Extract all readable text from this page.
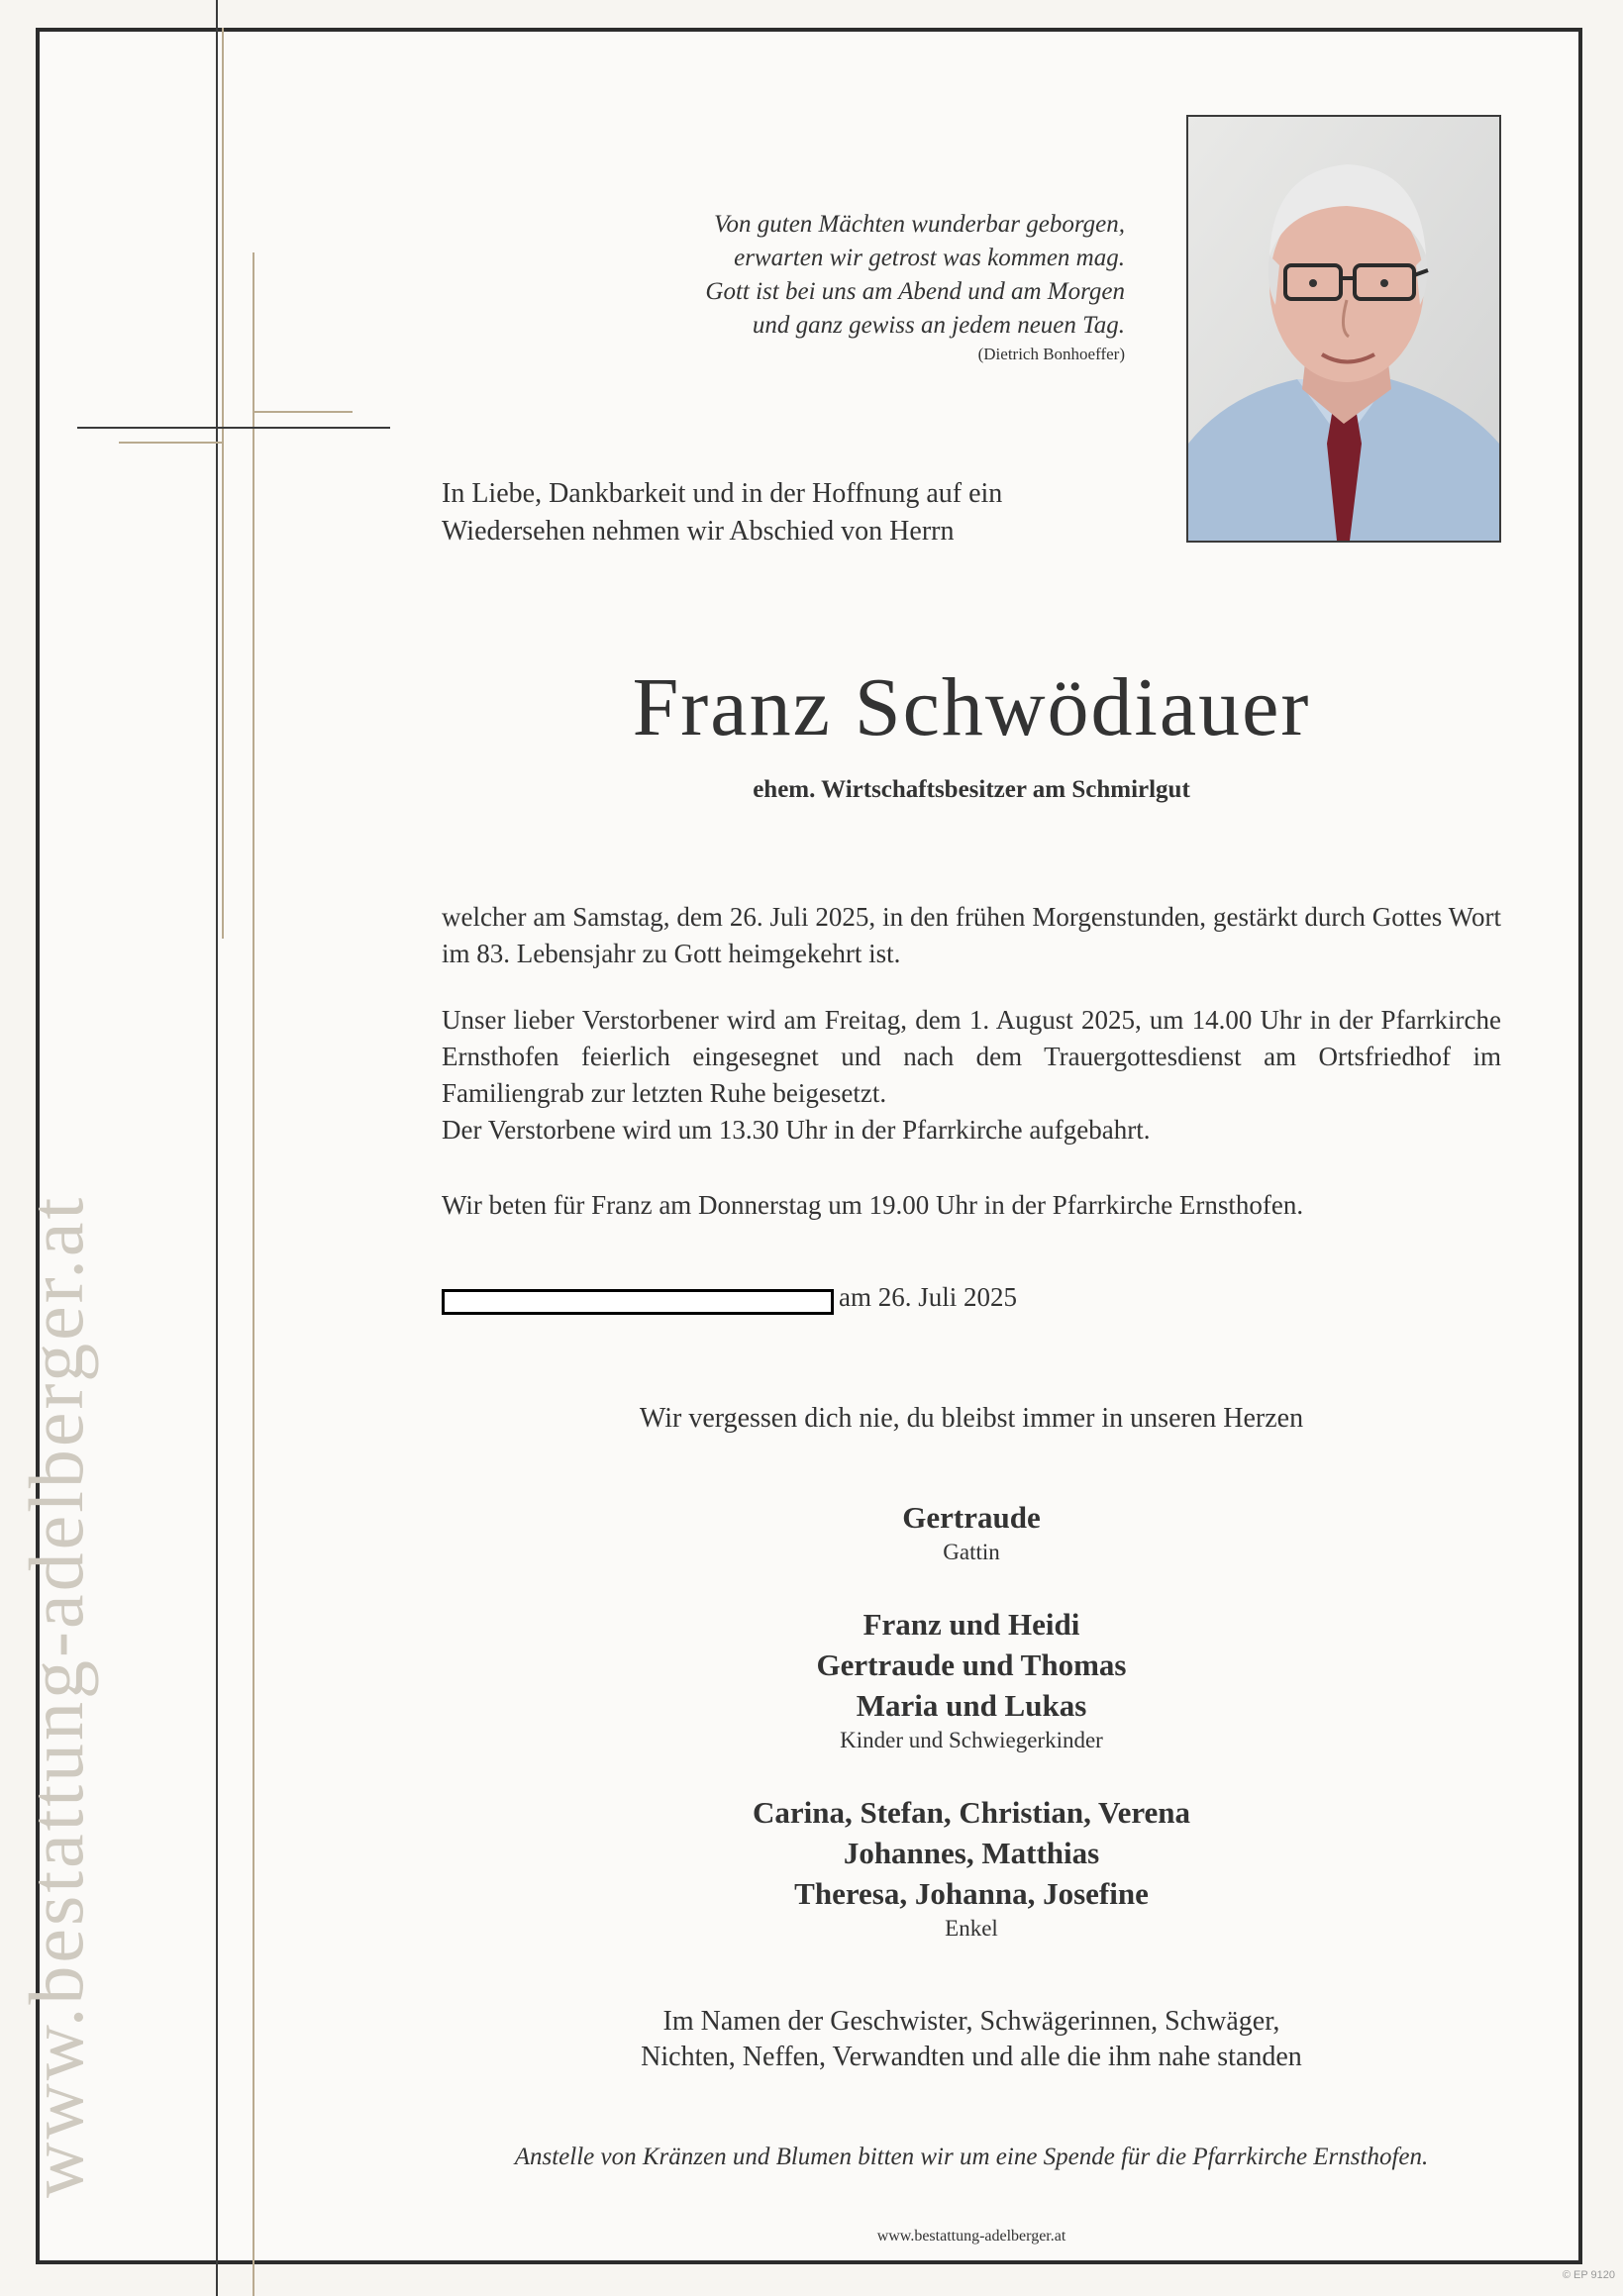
www.bestattung-adelberger.at
Von guten Mächten wunderbar geborgen,
erwarten wir getrost was kommen mag.
Gott ist bei uns am Abend und am Morgen
und ganz gewiss an jedem neuen Tag.
(Dietrich Bonhoeffer)
In Liebe, Dankbarkeit und in der Hoffnung auf ein
Wiedersehen nehmen wir Abschied von Herrn
Franz Schwödiauer
ehem. Wirtschaftsbesitzer am Schmirlgut
welcher am Samstag, dem 26. Juli 2025, in den frühen Morgenstunden, gestärkt durch Gottes Wort im 83. Lebensjahr zu Gott heimgekehrt ist.
Unser lieber Verstorbener wird am Freitag, dem 1. August 2025, um 14.00 Uhr in der Pfarrkirche Ernsthofen feierlich eingesegnet und nach dem Trauergottesdienst am Ortsfriedhof im Familiengrab zur letzten Ruhe beigesetzt.
Der Verstorbene wird um 13.30 Uhr in der Pfarrkirche aufgebahrt.
Wir beten für Franz am Donnerstag um 19.00 Uhr in der Pfarrkirche Ernsthofen.
am 26. Juli 2025
Wir vergessen dich nie, du bleibst immer in unseren Herzen
Gertraude
Gattin
Franz und Heidi
Gertraude und Thomas
Maria und Lukas
Kinder und Schwiegerkinder
Carina, Stefan, Christian, Verena
Johannes, Matthias
Theresa, Johanna, Josefine
Enkel
Im Namen der Geschwister, Schwägerinnen, Schwäger,
Nichten, Neffen, Verwandten und alle die ihm nahe standen
Anstelle von Kränzen und Blumen bitten wir um eine Spende für die Pfarrkirche Ernsthofen.
www.bestattung-adelberger.at
© EP 9120
